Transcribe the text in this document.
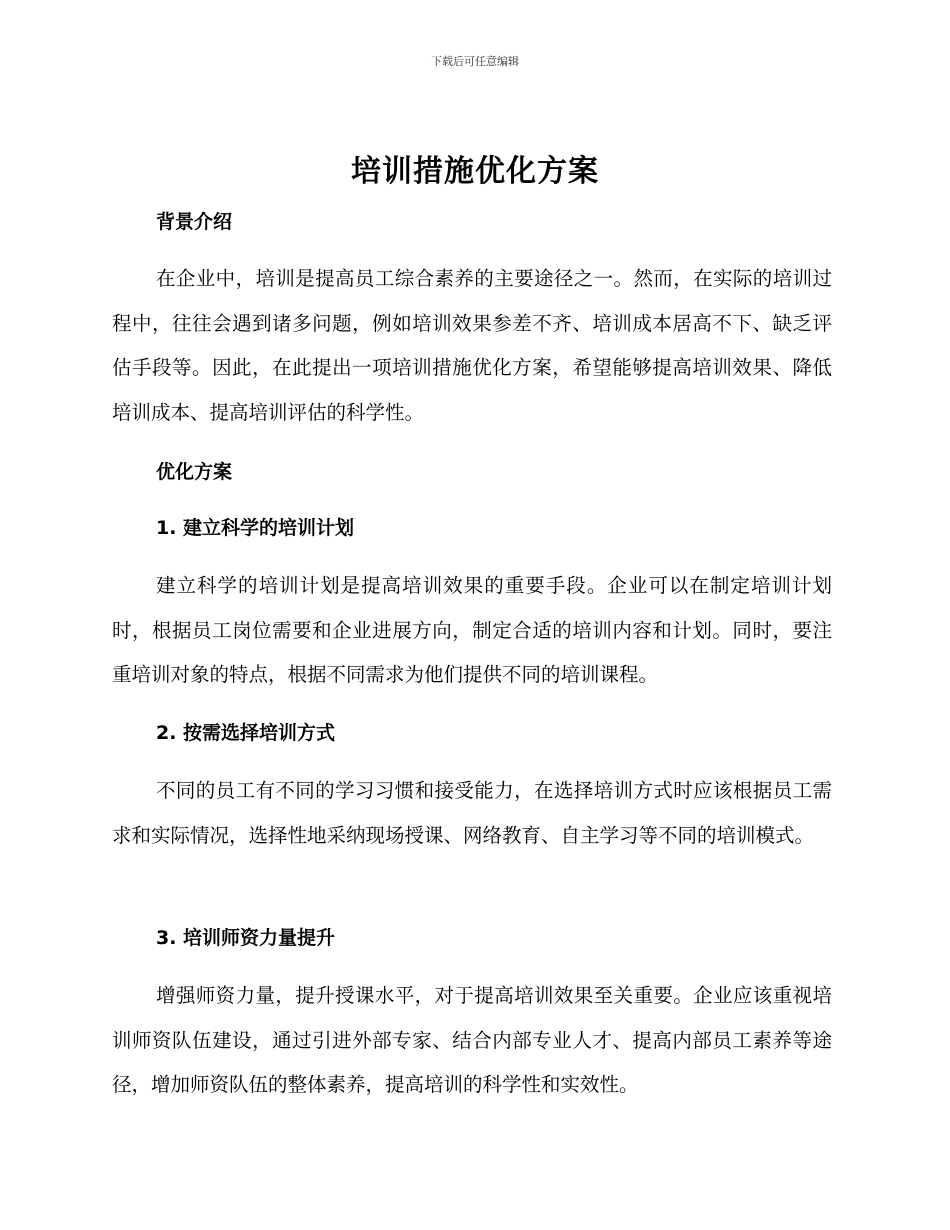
下载后可任意编辑
培训措施优化方案
背景介绍

在企业中，培训是提高员工综合素养的主要途径之一。然而，在实际的培训过程中，往往会遇到诸多问题，例如培训效果参差不齐、培训成本居高不下、缺乏评估手段等。因此，在此提出一项培训措施优化方案，希望能够提高培训效果、降低培训成本、提高培训评估的科学性。

优化方案
1. 建立科学的培训计划

建立科学的培训计划是提高培训效果的重要手段。企业可以在制定培训计划时，根据员工岗位需要和企业进展方向，制定合适的培训内容和计划。同时，要注重培训对象的特点，根据不同需求为他们提供不同的培训课程。

2. 按需选择培训方式

不同的员工有不同的学习习惯和接受能力，在选择培训方式时应该根据员工需求和实际情况，选择性地采纳现场授课、网络教育、自主学习等不同的培训模式。

3. 培训师资力量提升

增强师资力量，提升授课水平，对于提高培训效果至关重要。企业应该重视培训师资队伍建设，通过引进外部专家、结合内部专业人才、提高内部员工素养等途径，增加师资队伍的整体素养，提高培训的科学性和实效性。
